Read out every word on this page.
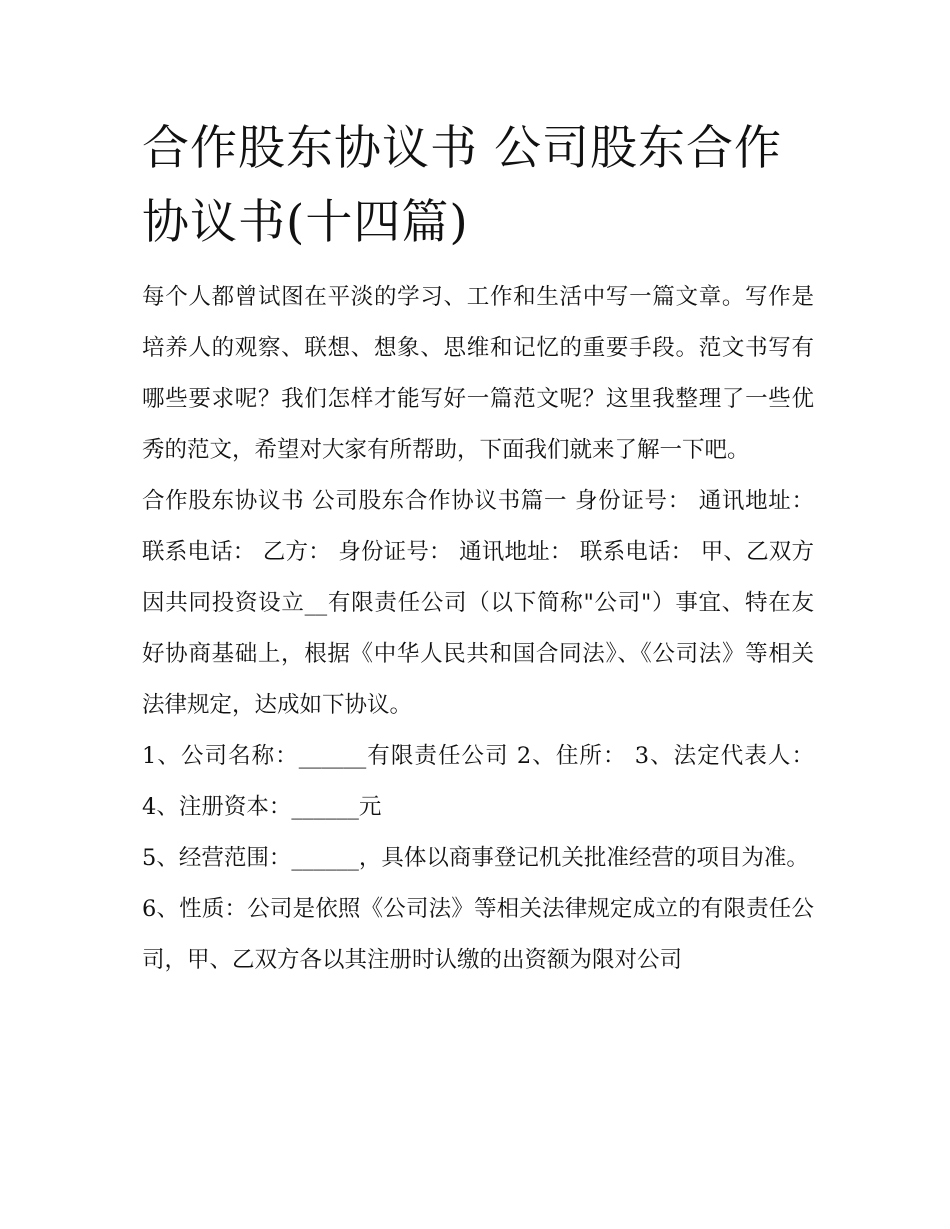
合作股东协议书 公司股东合作协议书(十四篇)

每个人都曾试图在平淡的学习、工作和生活中写一篇文章。写作是培养人的观察、联想、想象、思维和记忆的重要手段。范文书写有哪些要求呢？我们怎样才能写好一篇范文呢？这里我整理了一些优秀的范文，希望对大家有所帮助，下面我们就来了解一下吧。

合作股东协议书 公司股东合作协议书篇一 身份证号： 通讯地址： 联系电话： 乙方： 身份证号： 通讯地址： 联系电话： 甲、乙双方因共同投资设立__有限责任公司（以下简称"公司"）事宜、特在友好协商基础上，根据《中华人民共和国合同法》、《公司法》等相关法律规定，达成如下协议。

1、公司名称：______有限责任公司 2、住所： 3、法定代表人： 4、注册资本：______元

5、经营范围：______，具体以商事登记机关批准经营的项目为准。

6、性质：公司是依照《公司法》等相关法律规定成立的有限责任公司，甲、乙双方各以其注册时认缴的出资额为限对公司
